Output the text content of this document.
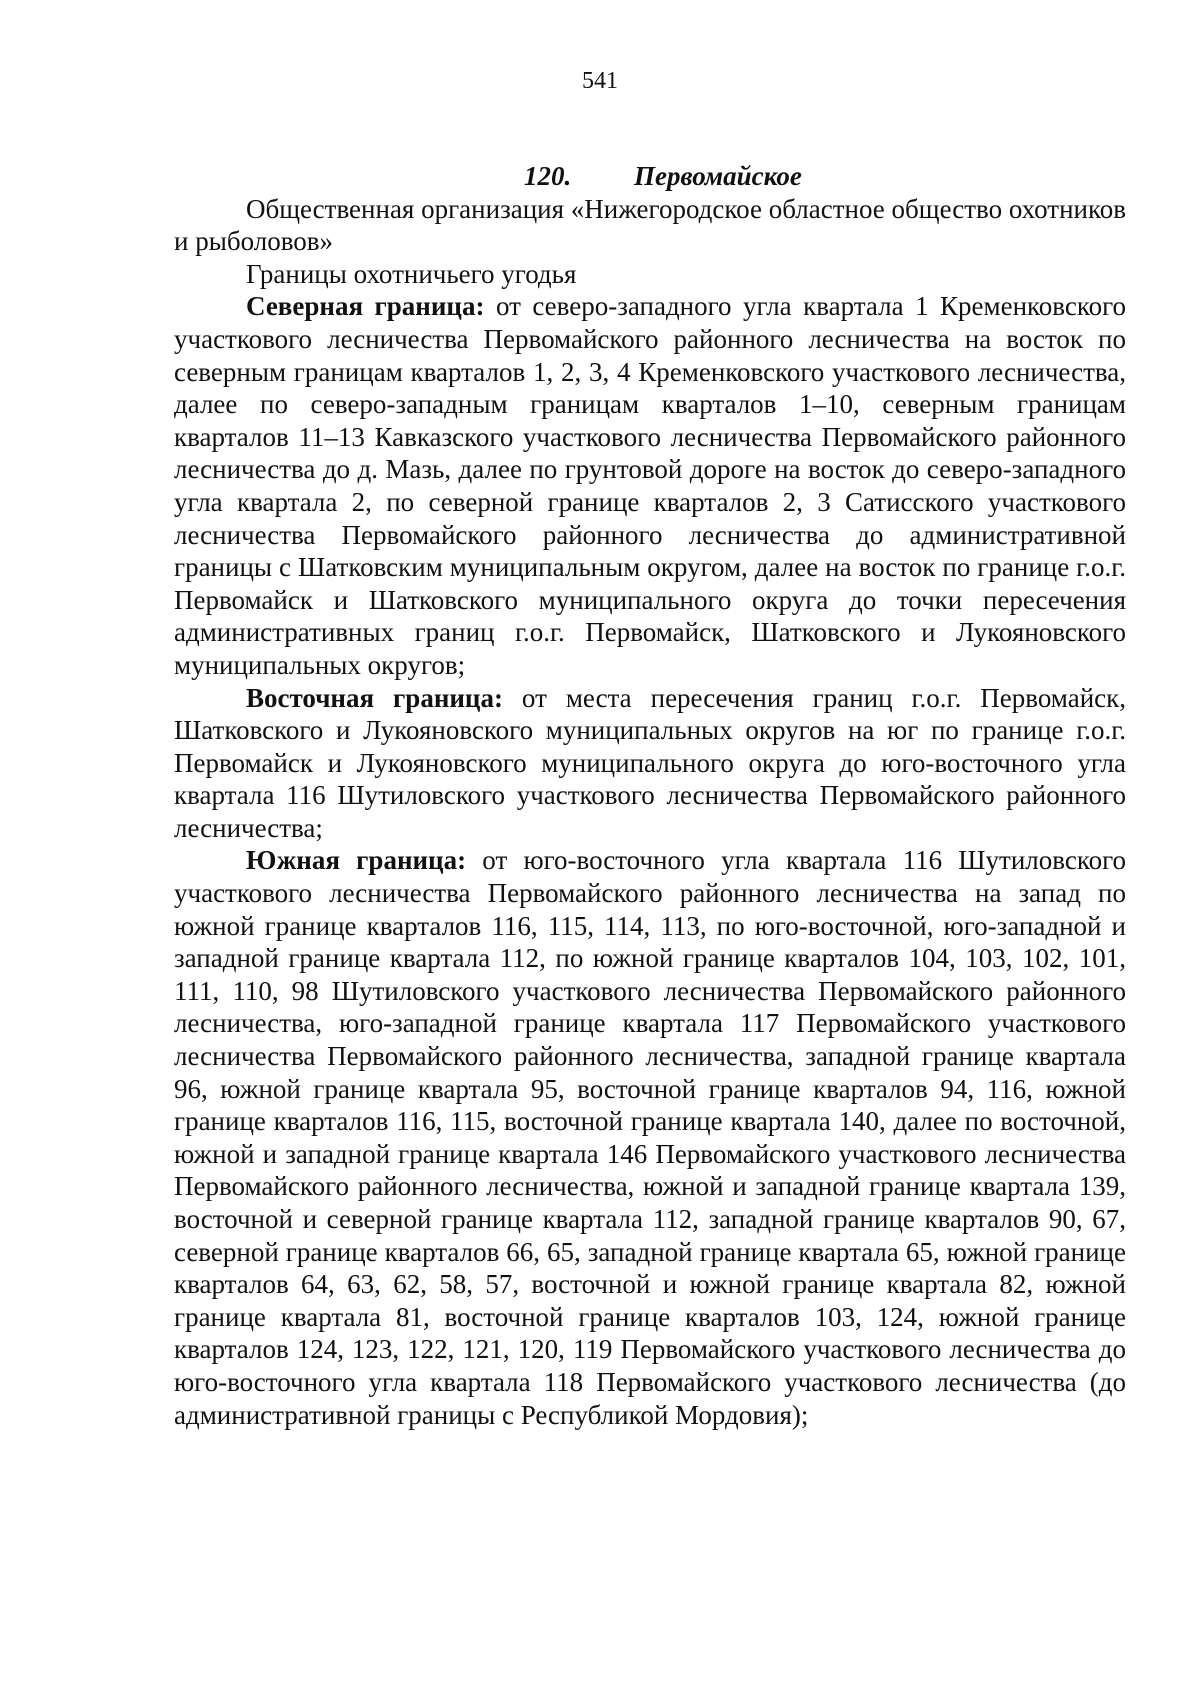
541
120. Первомайское

Общественная организация «Нижегородское областное общество охотников и рыболовов»

Границы охотничьего угодья

Северная граница: от северо-западного угла квартала 1 Кременковского участкового лесничества Первомайского районного лесничества на восток по северным границам кварталов 1, 2, 3, 4 Кременковского участкового лесничества, далее по северо-западным границам кварталов 1–10, северным границам кварталов 11–13 Кавказского участкового лесничества Первомайского районного лесничества до д. Мазь, далее по грунтовой дороге на восток до северо-западного угла квартала 2, по северной границе кварталов 2, 3 Сатисского участкового лесничества Первомайского районного лесничества до административной границы с Шатковским муниципальным округом, далее на восток по границе г.о.г. Первомайск и Шатковского муниципального округа до точки пересечения административных границ г.о.г. Первомайск, Шатковского и Лукояновского муниципальных округов;

Восточная граница: от места пересечения границ г.о.г. Первомайск, Шатковского и Лукояновского муниципальных округов на юг по границе г.о.г. Первомайск и Лукояновского муниципального округа до юго-восточного угла квартала 116 Шутиловского участкового лесничества Первомайского районного лесничества;

Южная граница: от юго-восточного угла квартала 116 Шутиловского участкового лесничества Первомайского районного лесничества на запад по южной границе кварталов 116, 115, 114, 113, по юго-восточной, юго-западной и западной границе квартала 112, по южной границе кварталов 104, 103, 102, 101, 111, 110, 98 Шутиловского участкового лесничества Первомайского районного лесничества, юго-западной границе квартала 117 Первомайского участкового лесничества Первомайского районного лесничества, западной границе квартала 96, южной границе квартала 95, восточной границе кварталов 94, 116, южной границе кварталов 116, 115, восточной границе квартала 140, далее по восточной, южной и западной границе квартала 146 Первомайского участкового лесничества Первомайского районного лесничества, южной и западной границе квартала 139, восточной и северной границе квартала 112, западной границе кварталов 90, 67, северной границе кварталов 66, 65, западной границе квартала 65, южной границе кварталов 64, 63, 62, 58, 57, восточной и южной границе квартала 82, южной границе квартала 81, восточной границе кварталов 103, 124, южной границе кварталов 124, 123, 122, 121, 120, 119 Первомайского участкового лесничества до юго-восточного угла квартала 118 Первомайского участкового лесничества (до административной границы с Республикой Мордовия);
